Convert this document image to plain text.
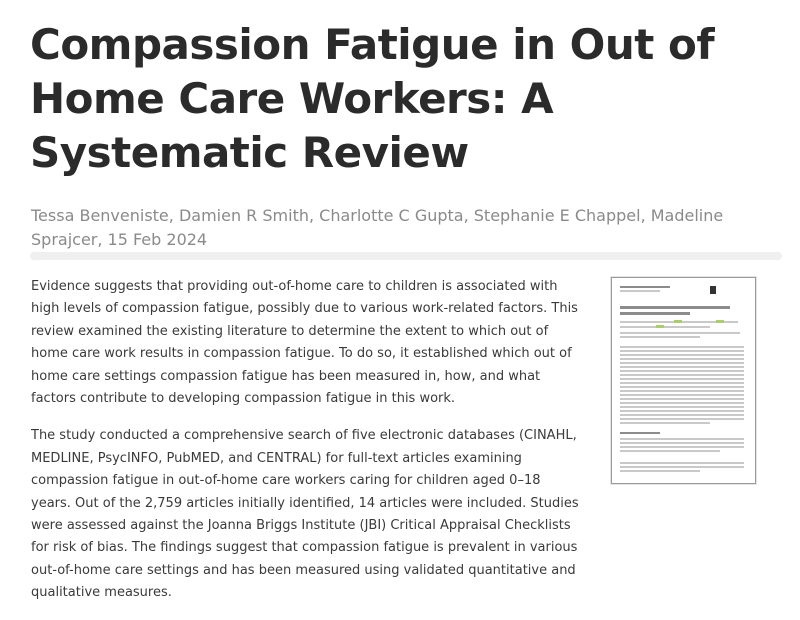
Compassion Fatigue in Out of Home Care Workers: A Systematic Review
Tessa Benveniste, Damien R Smith, Charlotte C Gupta, Stephanie E Chappel, Madeline Sprajcer, 15 Feb 2024

Evidence suggests that providing out-of-home care to children is associated with high levels of compassion fatigue, possibly due to various work-related factors. This review examined the existing literature to determine the extent to which out of home care work results in compassion fatigue. To do so, it established which out of home care settings compassion fatigue has been measured in, how, and what factors contribute to developing compassion fatigue in this work.

The study conducted a comprehensive search of five electronic databases (CINAHL, MEDLINE, PsycINFO, PubMED, and CENTRAL) for full-text articles examining compassion fatigue in out-of-home care workers caring for children aged 0–18 years. Out of the 2,759 articles initially identified, 14 articles were included. Studies were assessed against the Joanna Briggs Institute (JBI) Critical Appraisal Checklists for risk of bias. The findings suggest that compassion fatigue is prevalent in various out-of-home care settings and has been measured using validated quantitative and qualitative measures.
